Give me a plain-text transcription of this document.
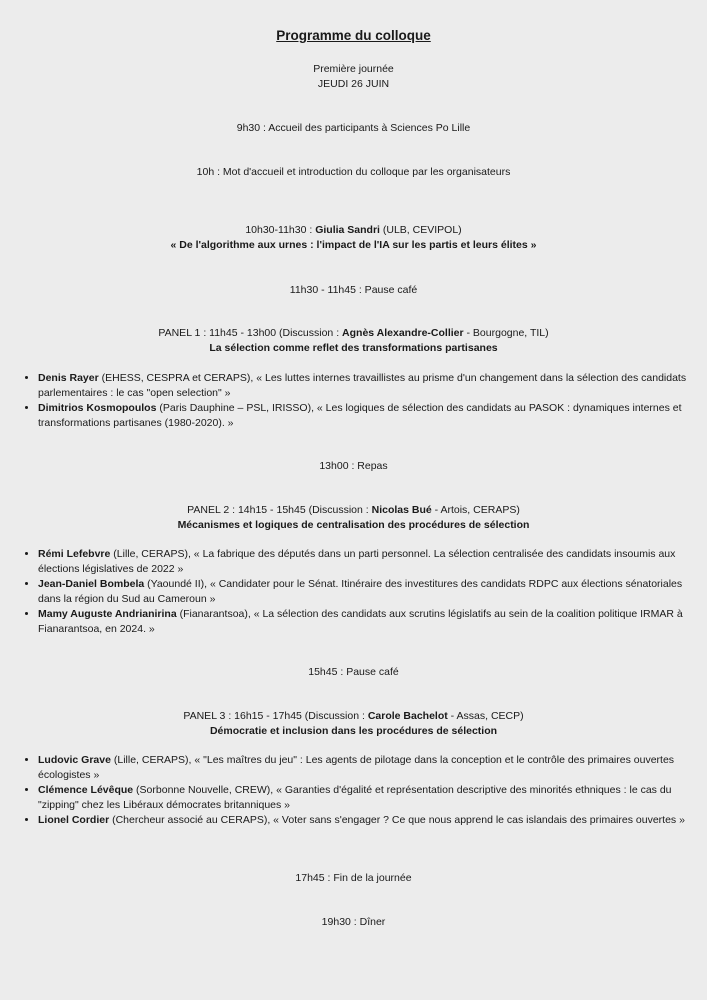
Programme du colloque
Première journée
JEUDI 26 JUIN
9h30 : Accueil des participants à Sciences Po Lille
10h : Mot d'accueil et introduction du colloque par les organisateurs
10h30-11h30 : Giulia Sandri (ULB, CEVIPOL)
« De l'algorithme aux urnes : l'impact de l'IA sur les partis et leurs élites »
11h30 - 11h45 : Pause café
PANEL 1 : 11h45 - 13h00 (Discussion : Agnès Alexandre-Collier - Bourgogne, TIL)
La sélection comme reflet des transformations partisanes
• Denis Rayer (EHESS, CESPRA et CERAPS), « Les luttes internes travaillistes au prisme d'un changement dans la sélection des candidats parlementaires : le cas "open selection" »
• Dimitrios Kosmopoulos (Paris Dauphine – PSL, IRISSO), « Les logiques de sélection des candidats au PASOK : dynamiques internes et transformations partisanes (1980-2020). »
13h00 : Repas
PANEL 2 : 14h15 - 15h45 (Discussion : Nicolas Bué - Artois, CERAPS)
Mécanismes et logiques de centralisation des procédures de sélection
• Rémi Lefebvre (Lille, CERAPS), « La fabrique des députés dans un parti personnel. La sélection centralisée des candidats insoumis aux élections législatives de 2022 »
• Jean-Daniel Bombela (Yaoundé II), « Candidater pour le Sénat. Itinéraire des investitures des candidats RDPC aux élections sénatoriales dans la région du Sud au Cameroun »
• Mamy Auguste Andrianirina (Fianarantsoa), « La sélection des candidats aux scrutins législatifs au sein de la coalition politique IRMAR à Fianarantsoa, en 2024. »
15h45 : Pause café
PANEL 3 : 16h15 - 17h45 (Discussion : Carole Bachelot - Assas, CECP)
Démocratie et inclusion dans les procédures de sélection
• Ludovic Grave (Lille, CERAPS), « "Les maîtres du jeu" : Les agents de pilotage dans la conception et le contrôle des primaires ouvertes écologistes »
• Clémence Lévêque (Sorbonne Nouvelle, CREW), « Garanties d'égalité et représentation descriptive des minorités ethniques : le cas du "zipping" chez les Libéraux démocrates britanniques »
• Lionel Cordier (Chercheur associé au CERAPS), « Voter sans s'engager ? Ce que nous apprend le cas islandais des primaires ouvertes »
17h45 : Fin de la journée
19h30 : Dîner
